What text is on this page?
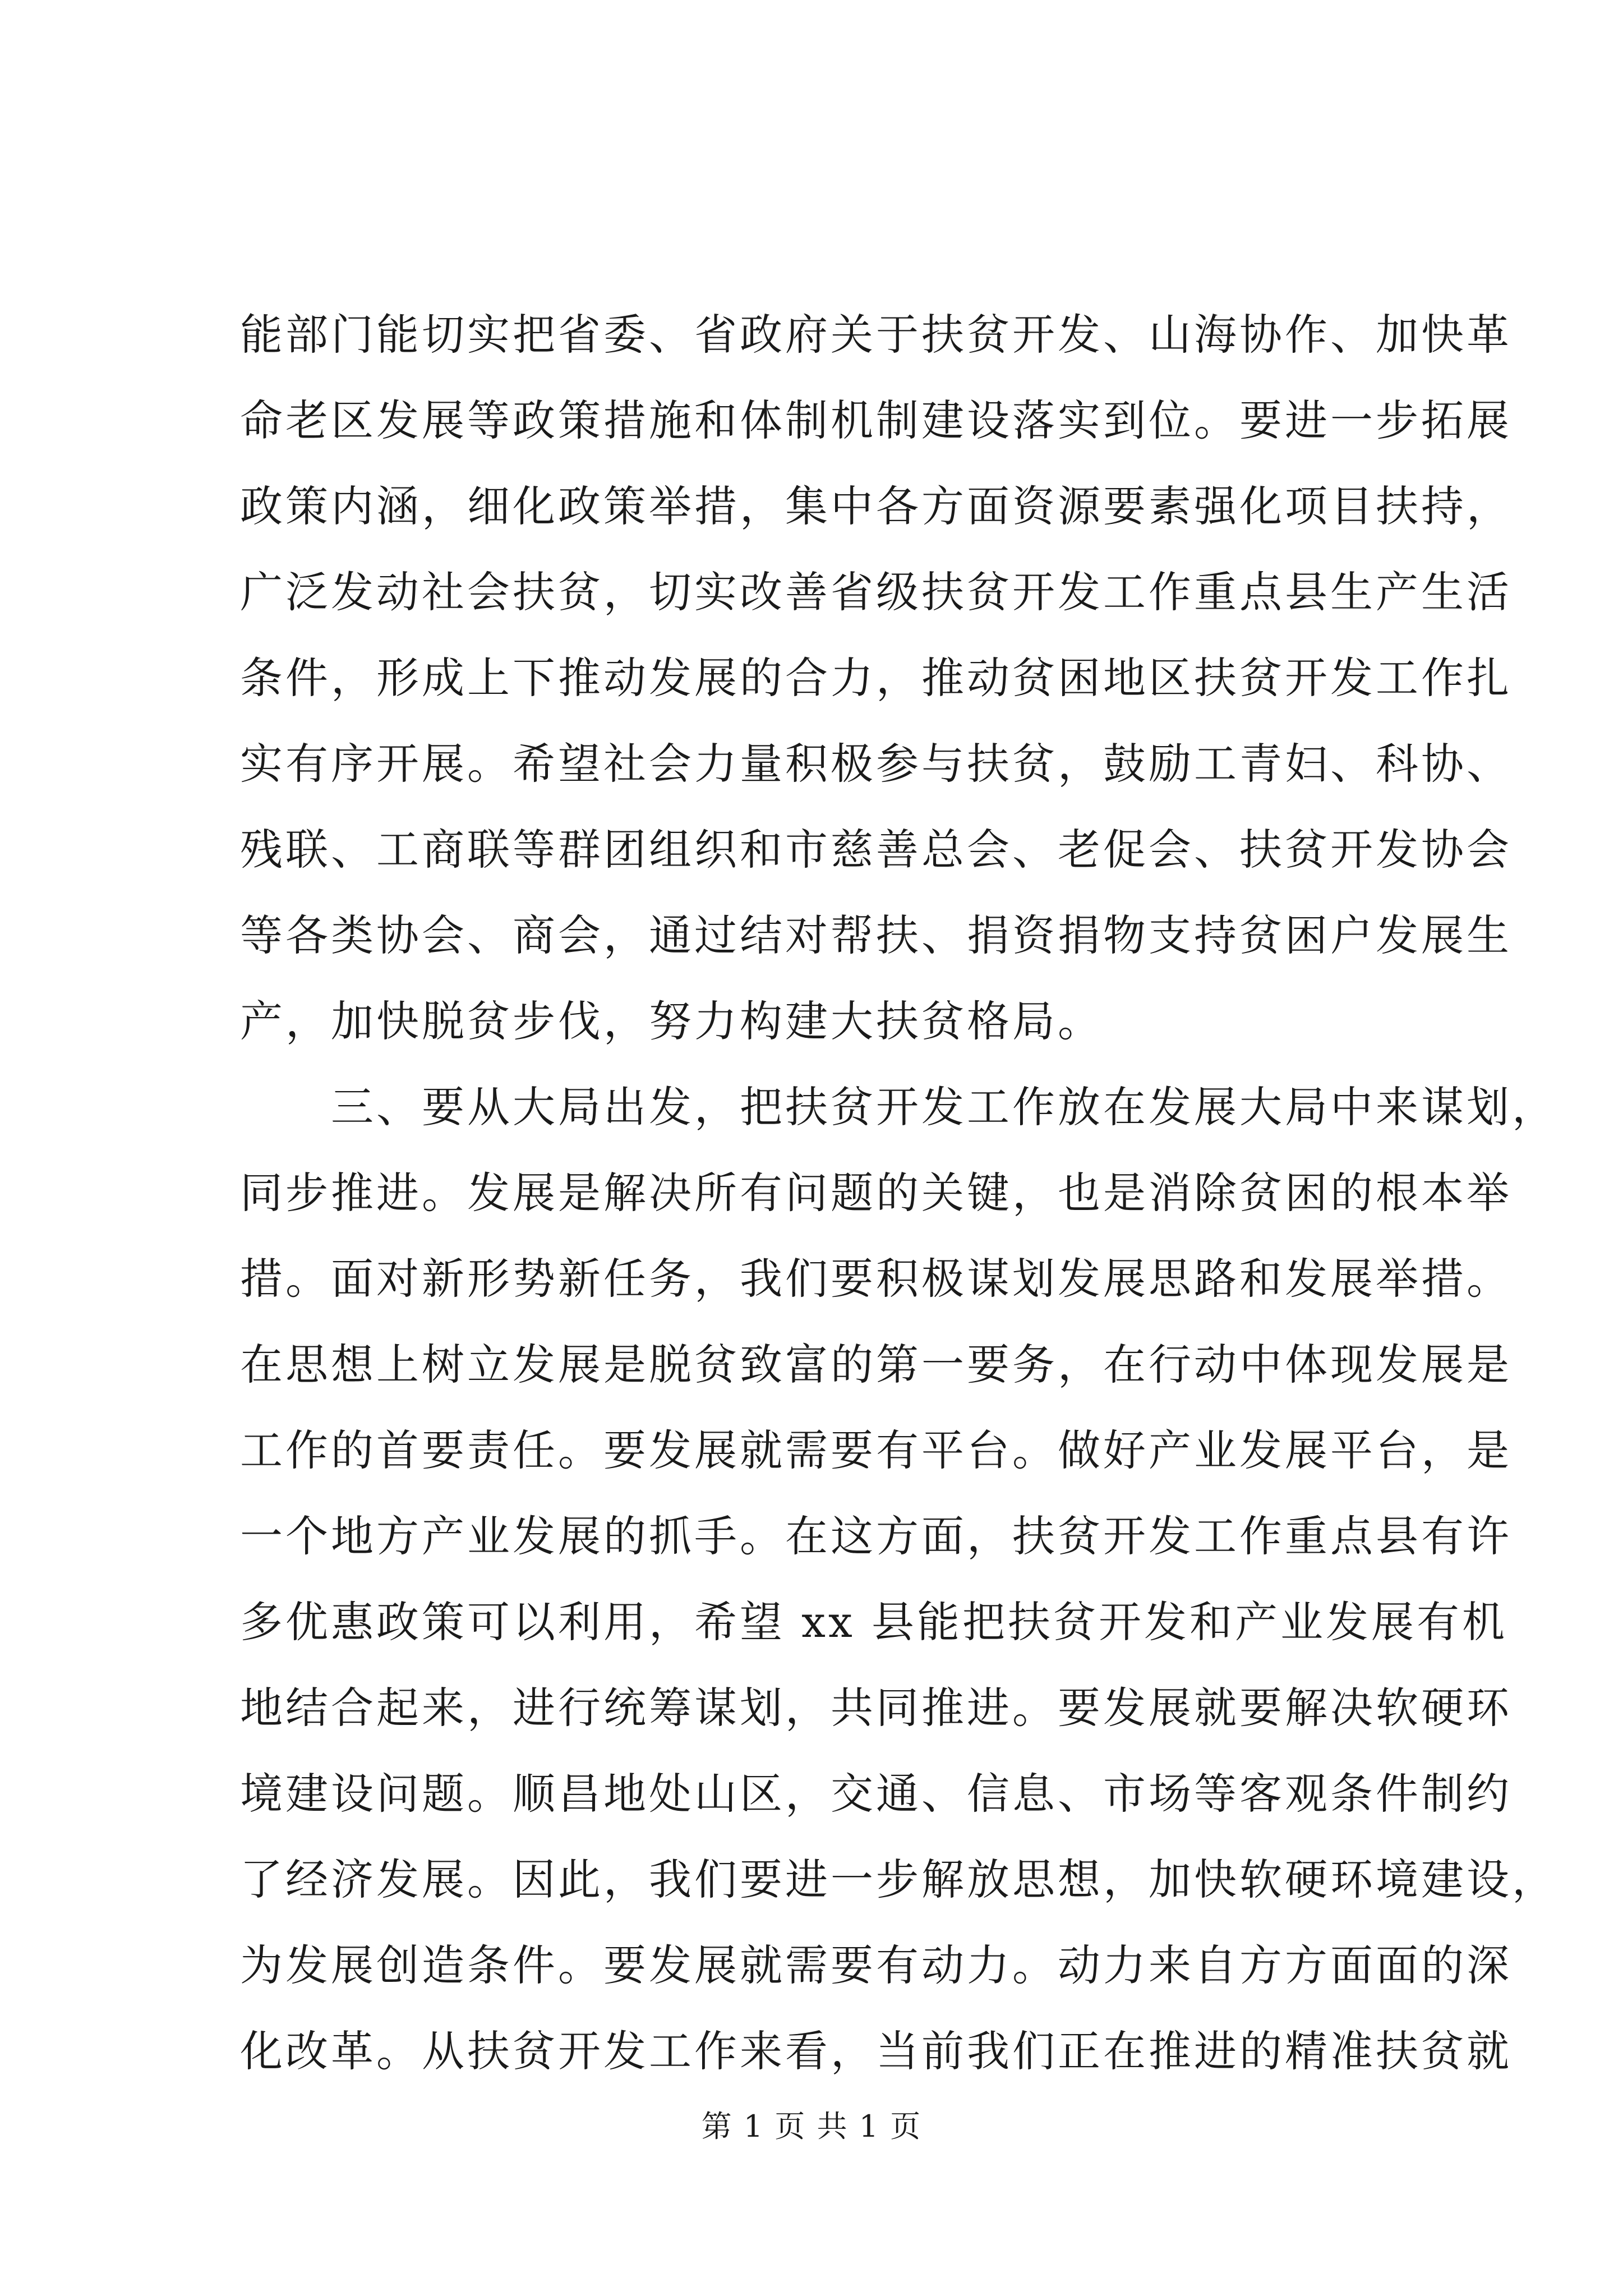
能部门能切实把省委、省政府关于扶贫开发、山海协作、加快革
命老区发展等政策措施和体制机制建设落实到位。要进一步拓展
政策内涵，细化政策举措，集中各方面资源要素强化项目扶持，
广泛发动社会扶贫，切实改善省级扶贫开发工作重点县生产生活
条件，形成上下推动发展的合力，推动贫困地区扶贫开发工作扎
实有序开展。希望社会力量积极参与扶贫，鼓励工青妇、科协、
残联、工商联等群团组织和市慈善总会、老促会、扶贫开发协会
等各类协会、商会，通过结对帮扶、捐资捐物支持贫困户发展生
产，加快脱贫步伐，努力构建大扶贫格局。
三、要从大局出发，把扶贫开发工作放在发展大局中来谋划，
同步推进。发展是解决所有问题的关键，也是消除贫困的根本举
措。面对新形势新任务，我们要积极谋划发展思路和发展举措。
在思想上树立发展是脱贫致富的第一要务，在行动中体现发展是
工作的首要责任。要发展就需要有平台。做好产业发展平台，是
一个地方产业发展的抓手。在这方面，扶贫开发工作重点县有许
多优惠政策可以利用，希望 xx 县能把扶贫开发和产业发展有机
地结合起来，进行统筹谋划，共同推进。要发展就要解决软硬环
境建设问题。顺昌地处山区，交通、信息、市场等客观条件制约
了经济发展。因此，我们要进一步解放思想，加快软硬环境建设，
为发展创造条件。要发展就需要有动力。动力来自方方面面的深
化改革。从扶贫开发工作来看，当前我们正在推进的精准扶贫就
第 1 页 共 1 页
